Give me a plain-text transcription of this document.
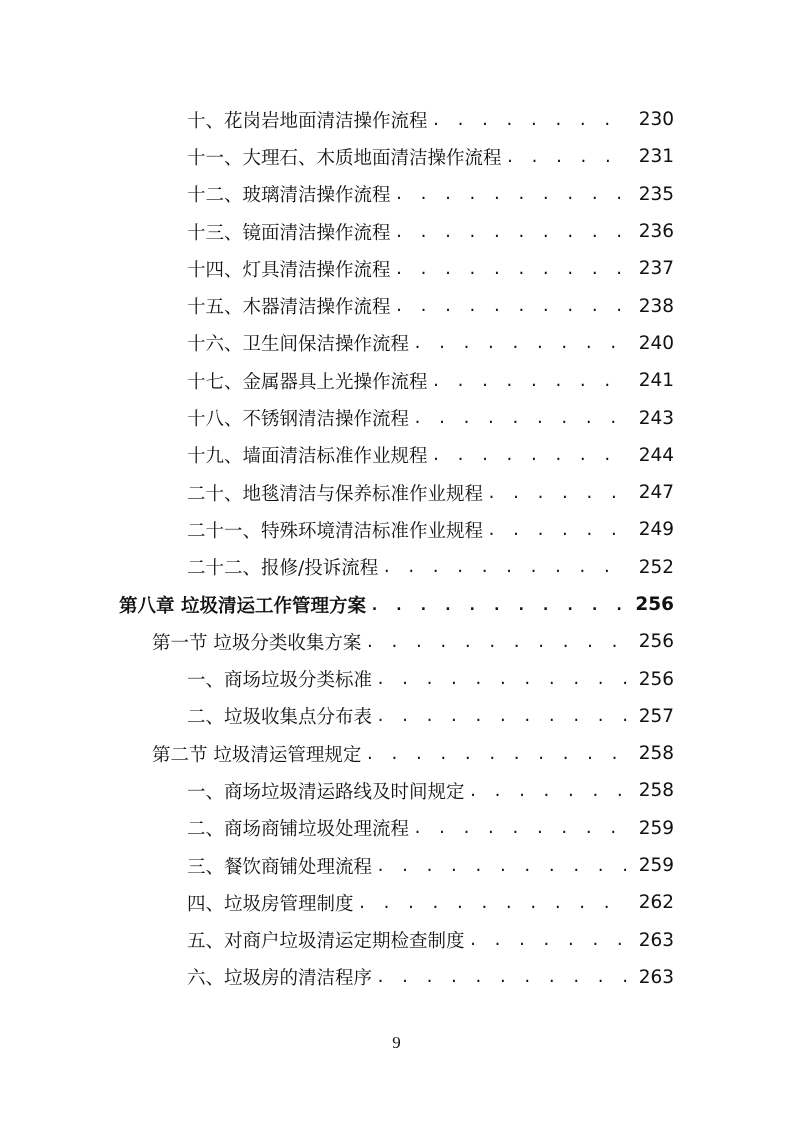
十、花岗岩地面清洁操作流程 . . .	230
十一、大理石、木质地面清洁操作流程 . . .	231
十二、玻璃清洁操作流程 . . .	235
十三、镜面清洁操作流程 . . .	236
十四、灯具清洁操作流程 . . .	237
十五、木器清洁操作流程 . . .	238
十六、卫生间保洁操作流程 . . .	240
十七、金属器具上光操作流程 . . .	241
十八、不锈钢清洁操作流程 . . .	243
十九、墙面清洁标准作业规程 . . .	244
二十、地毯清洁与保养标准作业规程 . . .	247
二十一、特殊环境清洁标准作业规程 . . .	249
二十二、报修/投诉流程 . . .	252
第八章 垃圾清运工作管理方案 . . .	256
第一节 垃圾分类收集方案 . . .	256
一、商场垃圾分类标准 . . .	256
二、垃圾收集点分布表 . . .	257
第二节 垃圾清运管理规定 . . .	258
一、商场垃圾清运路线及时间规定 . . .	258
二、商场商铺垃圾处理流程 . . .	259
三、餐饮商铺处理流程 . . .	259
四、垃圾房管理制度 . . .	262
五、对商户垃圾清运定期检查制度 . . .	263
六、垃圾房的清洁程序 . . .	263
9
